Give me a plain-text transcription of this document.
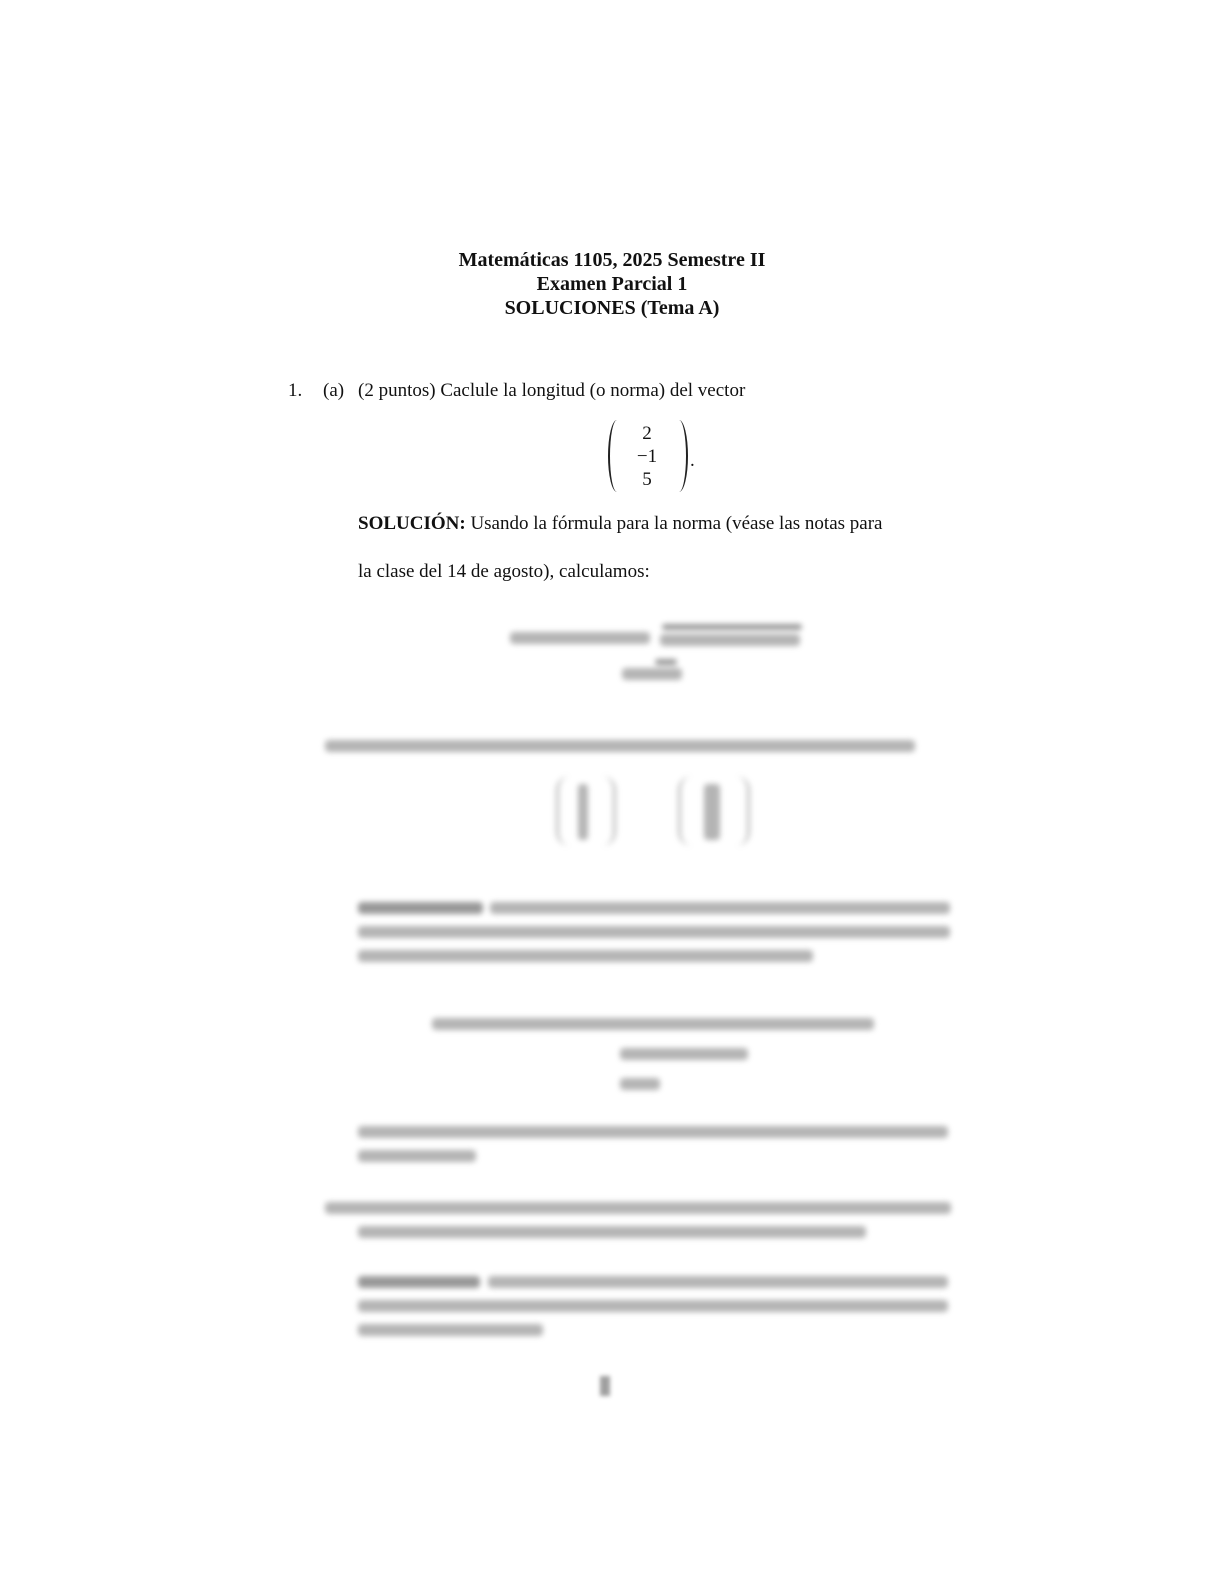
Matemáticas 1105, 2025 Semestre II
Examen Parcial 1
SOLUCIONES (Tema A)
1. (a) (2 puntos) Caclule la longitud (o norma) del vector
2
−1
5
.
SOLUCIÓN: Usando la fórmula para la norma (véase las notas para
la clase del 14 de agosto), calculamos:
